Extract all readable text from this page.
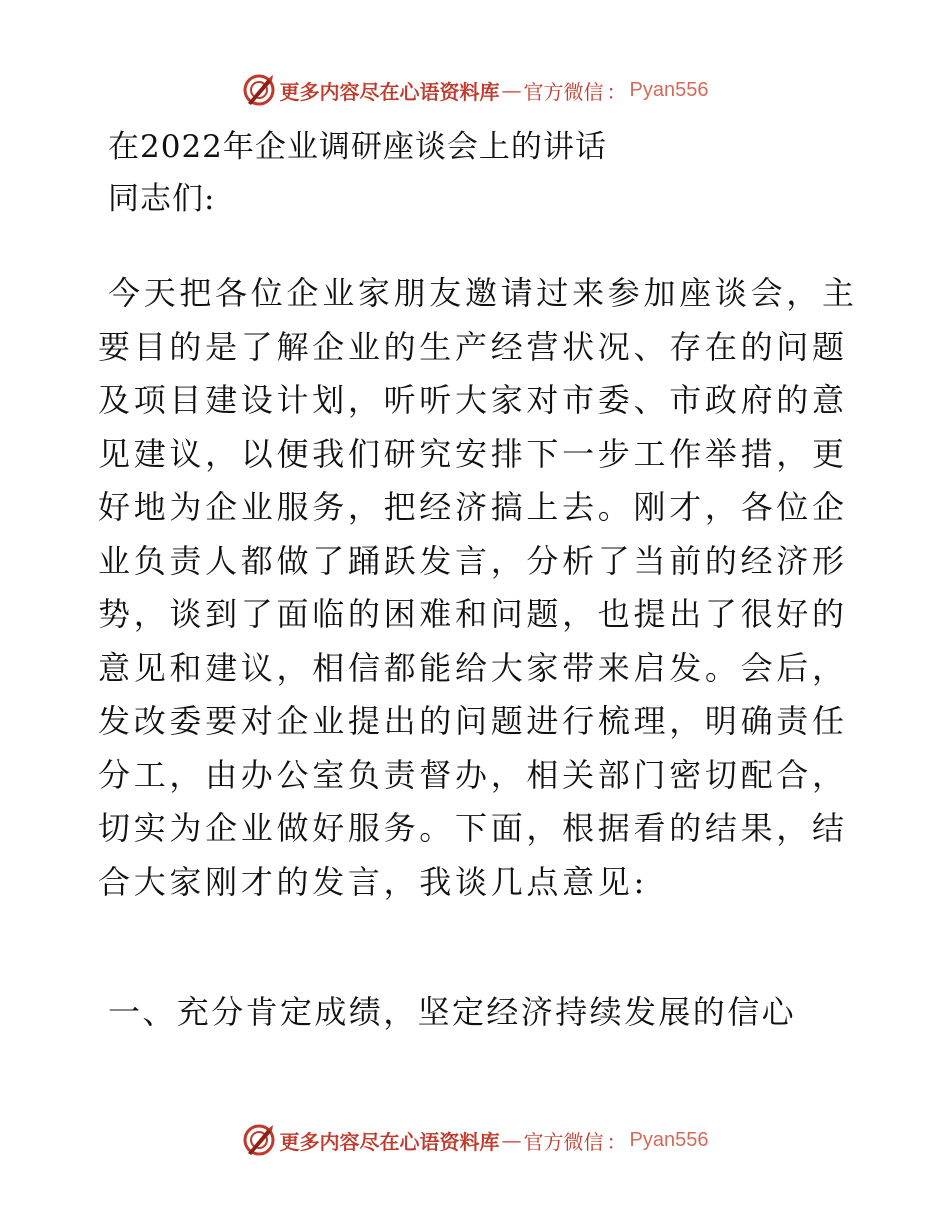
更多内容尽在心语资料库 — 官方微信 ： Pyan556
在2022年企业调研座谈会上的讲话
同志们:
今天把各位企业家朋友邀请过来参加座谈会，主要目的是了解企业的生产经营状况、存在的问题及项目建设计划，听听大家对市委、市政府的意见建议，以便我们研究安排下一步工作举措，更好地为企业服务，把经济搞上去。刚才，各位企业负责人都做了踊跃发言，分析了当前的经济形势，谈到了面临的困难和问题，也提出了很好的意见和建议，相信都能给大家带来启发。会后，发改委要对企业提出的问题进行梳理，明确责任分工，由办公室负责督办，相关部门密切配合，切实为企业做好服务。下面，根据看的结果，结合大家刚才的发言，我谈几点意见:
一、充分肯定成绩，坚定经济持续发展的信心
更多内容尽在心语资料库 — 官方微信 ： Pyan556
